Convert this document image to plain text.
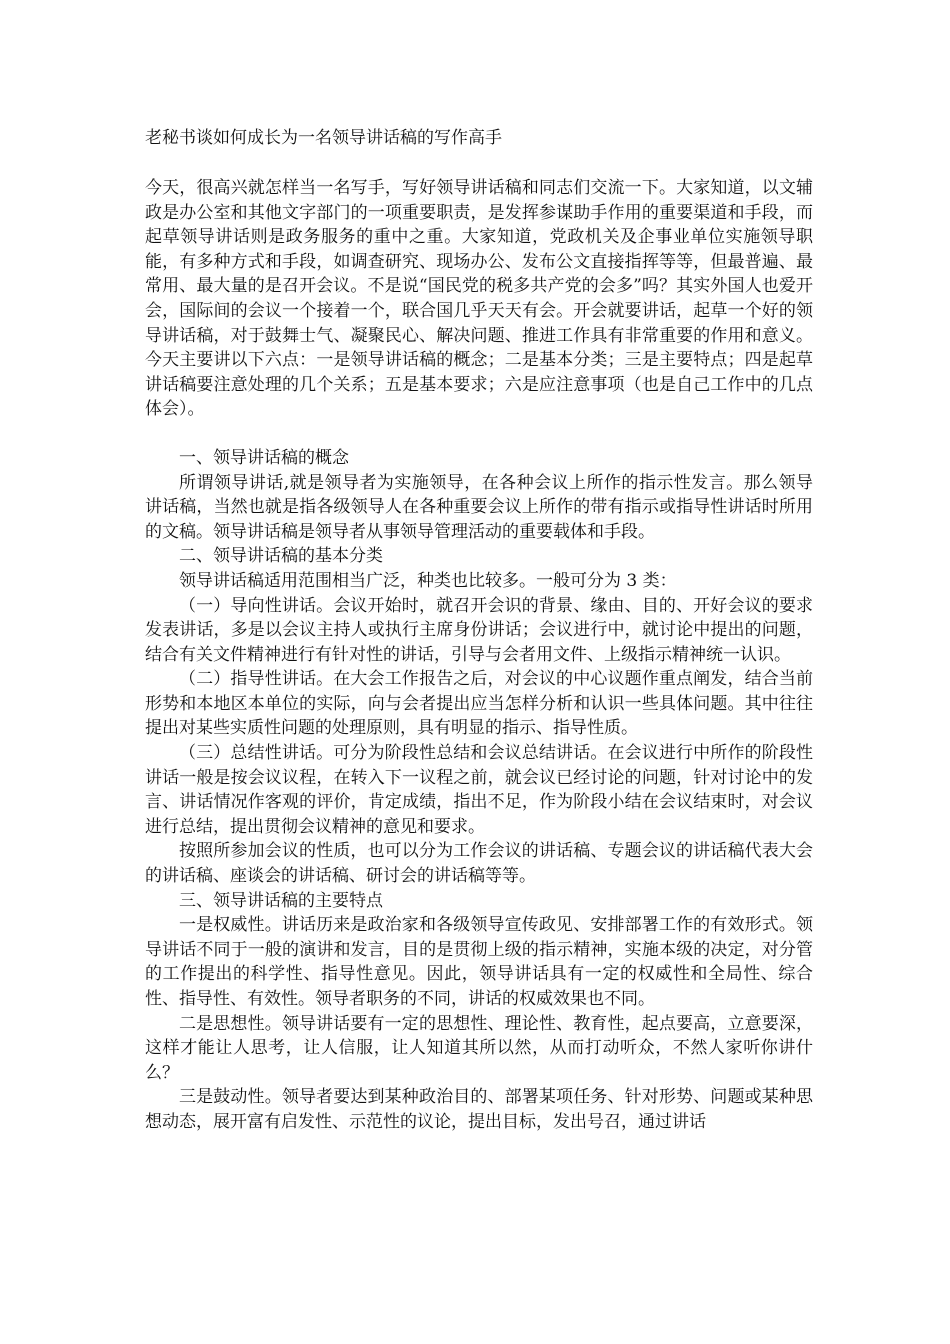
老秘书谈如何成长为一名领导讲话稿的写作高手

今天，很高兴就怎样当一名写手，写好领导讲话稿和同志们交流一下。大家知道，以文辅政是办公室和其他文字部门的一项重要职责，是发挥参谋助手作用的重要渠道和手段，而起草领导讲话则是政务服务的重中之重。大家知道，党政机关及企事业单位实施领导职能，有多种方式和手段，如调查研究、现场办公、发布公文直接指挥等等，但最普遍、最常用、最大量的是召开会议。不是说“国民党的税多共产党的会多”吗？其实外国人也爱开会，国际间的会议一个接着一个，联合国几乎天天有会。开会就要讲话，起草一个好的领导讲话稿，对于鼓舞士气、凝聚民心、解决问题、推进工作具有非常重要的作用和意义。今天主要讲以下六点：一是领导讲话稿的概念；二是基本分类；三是主要特点；四是起草讲话稿要注意处理的几个关系；五是基本要求；六是应注意事项（也是自己工作中的几点体会）。

一、领导讲话稿的概念

所谓领导讲话,就是领导者为实施领导，在各种会议上所作的指示性发言。那么领导讲话稿，当然也就是指各级领导人在各种重要会议上所作的带有指示或指导性讲话时所用的文稿。领导讲话稿是领导者从事领导管理活动的重要载体和手段。

二、领导讲话稿的基本分类

领导讲话稿适用范围相当广泛，种类也比较多。一般可分为 3 类：

（一）导向性讲话。会议开始时，就召开会识的背景、缘由、目的、开好会议的要求发表讲话，多是以会议主持人或执行主席身份讲话；会议进行中，就讨论中提出的问题，结合有关文件精神进行有针对性的讲话，引导与会者用文件、上级指示精神统一认识。

（二）指导性讲话。在大会工作报告之后，对会议的中心议题作重点阐发，结合当前形势和本地区本单位的实际，向与会者提出应当怎样分析和认识一些具体问题。其中往往提出对某些实质性问题的处理原则，具有明显的指示、指导性质。

（三）总结性讲话。可分为阶段性总结和会议总结讲话。在会议进行中所作的阶段性讲话一般是按会议议程，在转入下一议程之前，就会议已经讨论的问题，针对讨论中的发言、讲话情况作客观的评价，肯定成绩，指出不足，作为阶段小结在会议结束时，对会议进行总结，提出贯彻会议精神的意见和要求。

按照所参加会议的性质，也可以分为工作会议的讲话稿、专题会议的讲话稿代表大会的讲话稿、座谈会的讲话稿、研讨会的讲话稿等等。

三、领导讲话稿的主要特点

一是权威性。讲话历来是政治家和各级领导宣传政见、安排部署工作的有效形式。领导讲话不同于一般的演讲和发言，目的是贯彻上级的指示精神，实施本级的决定，对分管的工作提出的科学性、指导性意见。因此，领导讲话具有一定的权威性和全局性、综合性、指导性、有效性。领导者职务的不同，讲话的权威效果也不同。

二是思想性。领导讲话要有一定的思想性、理论性、教育性，起点要高，立意要深，这样才能让人思考，让人信服，让人知道其所以然，从而打动听众，不然人家听你讲什么？

三是鼓动性。领导者要达到某种政治目的、部署某项任务、针对形势、问题或某种思想动态，展开富有启发性、示范性的议论，提出目标，发出号召，通过讲话
